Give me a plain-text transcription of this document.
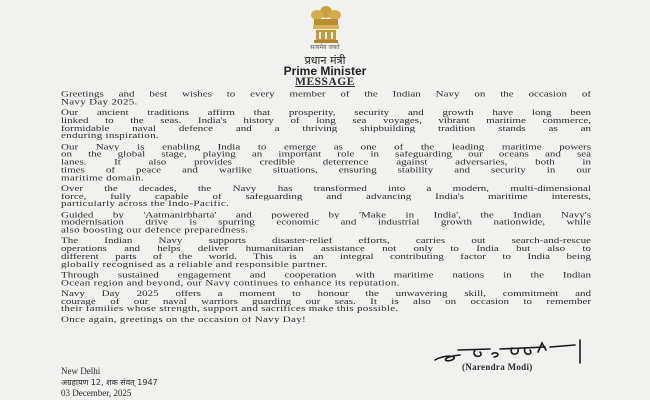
सत्यमेव जयते
प्रधान मंत्री
Prime Minister
MESSAGE
Greetings and best wishes to every member of the Indian Navy on the occasion of
Navy Day 2025.
Our ancient traditions affirm that prosperity, security and growth have long been
linked to the seas. India's history of long sea voyages, vibrant maritime commerce,
formidable naval defence and a thriving shipbuilding tradition stands as an
enduring inspiration.
Our Navy is enabling India to emerge as one of the leading maritime powers
on the global stage, playing an important role in safeguarding our oceans and sea
lanes. It also provides credible deterrence against adversaries, both in
times of peace and warlike situations, ensuring stability and security in our
maritime domain.
Over the decades, the Navy has transformed into a modern, multi-dimensional
force, fully capable of safeguarding and advancing India's maritime interests,
particularly across the Indo-Pacific.
Guided by 'Aatmanirbharta' and powered by 'Make in India', the Indian Navy's
modernisation drive is spurring economic and industrial growth nationwide, while
also boosting our defence preparedness.
The Indian Navy supports disaster-relief efforts, carries out search-and-rescue
operations and helps deliver humanitarian assistance not only to India but also to
different parts of the world. This is an integral contributing factor to India being
globally recognised as a reliable and responsible partner.
Through sustained engagement and cooperation with maritime nations in the Indian
Ocean region and beyond, our Navy continues to enhance its reputation.
Navy Day 2025 offers a moment to honour the unwavering skill, commitment and
courage of our naval warriors guarding our seas. It is also on occasion to remember
their families whose strength, support and sacrifices make this possible.
Once again, greetings on the occasion of Navy Day!
(Narendra Modi)
New Delhi
अग्रहायण 12, शक संवत् 1947
03 December, 2025
